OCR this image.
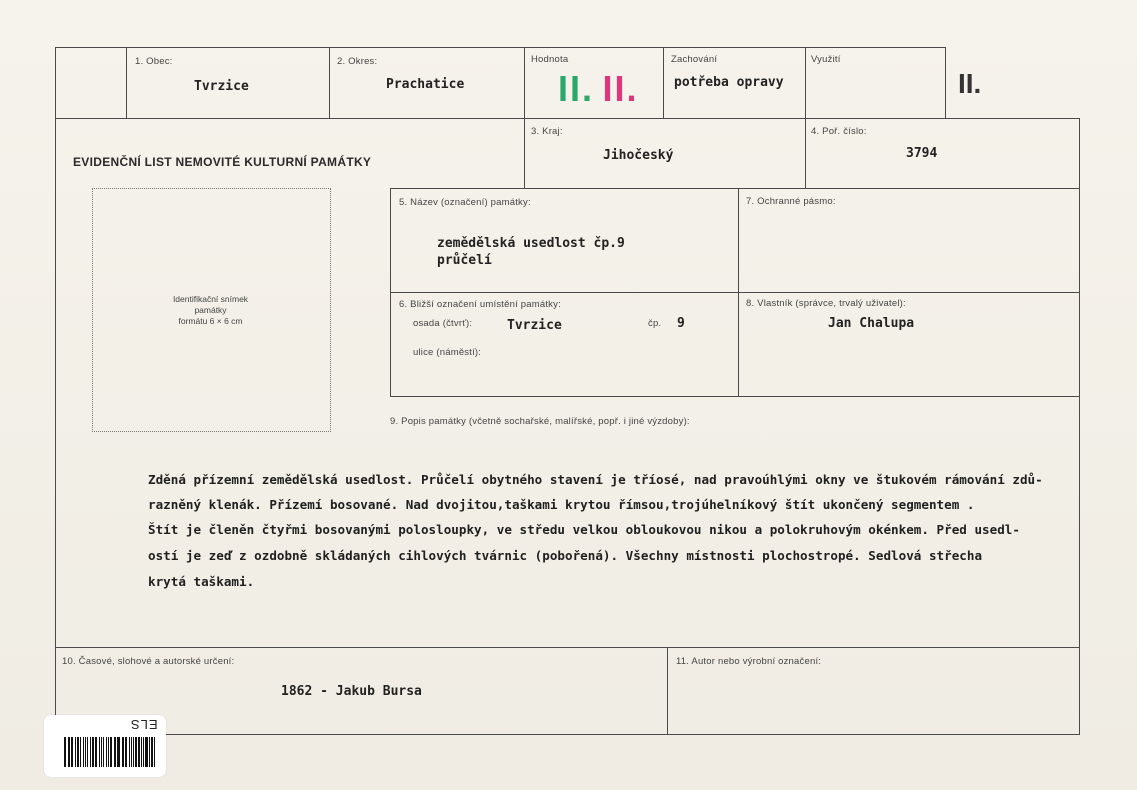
1. Obec:
Tvrzice
2. Okres:
Prachatice
Hodnota
II. II.
Zachování
potřeba opravy
Využití
II.
EVIDENČNÍ LIST NEMOVITÉ KULTURNÍ PAMÁTKY
3. Kraj:
Jihočeský
4. Poř. číslo:
3794
Identifikační snímek
památky
formátu 6 × 6 cm
5. Název (označení) památky:
zemědělská usedlost čp.9
průčelí
7. Ochranné pásmo:
6. Bližší označení umístění památky:
osada (čtvrť):	Tvrzice	čp. 9
ulice (náměstí):
8. Vlastník (správce, trvalý uživatel):
Jan Chalupa
9. Popis památky (včetně sochařské, malířské, popř. i jiné výzdoby):
Zděná přízemní zemědělská usedlost. Průčelí obytného stavení je tříosé, nad pravoúhlými okny ve štukovém rámování zdů-
razněný klenák. Přízemí bosované. Nad dvojitou,taškami krytou římsou,trojúhelníkový štít ukončený segmentem .
Štít je členěn čtyřmi bosovanými polosloupky, ve středu velkou obloukovou nikou a polokruhovým okénkem. Před usedl-
ostí je zeď z ozdobně skládaných cihlových tvárnic (pobořená). Všechny místnosti plochostropé. Sedlová střecha
krytá taškami.
10. Časové, slohové a autorské určení:
1862 - Jakub Bursa
11. Autor nebo výrobní označení:
ELS
